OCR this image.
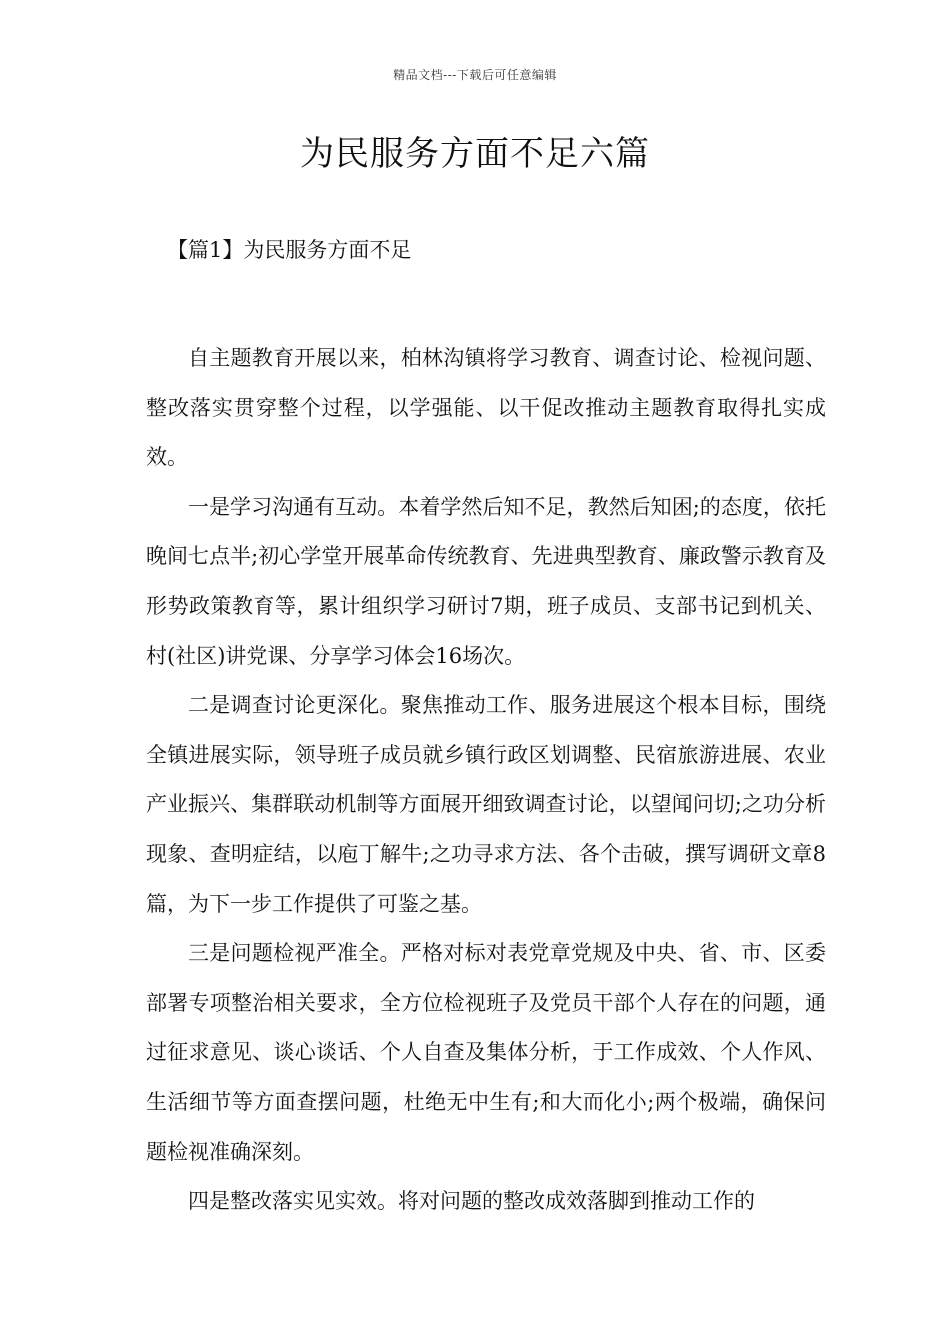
精品文档---下载后可任意编辑
为民服务方面不足六篇
【篇1】为民服务方面不足

自主题教育开展以来，柏林沟镇将学习教育、调查讨论、检视问题、整改落实贯穿整个过程，以学强能、以干促改推动主题教育取得扎实成效。

一是学习沟通有互动。本着学然后知不足，教然后知困;的态度，依托晚间七点半;初心学堂开展革命传统教育、先进典型教育、廉政警示教育及形势政策教育等，累计组织学习研讨7期，班子成员、支部书记到机关、村(社区)讲党课、分享学习体会16场次。

二是调查讨论更深化。聚焦推动工作、服务进展这个根本目标，围绕全镇进展实际，领导班子成员就乡镇行政区划调整、民宿旅游进展、农业产业振兴、集群联动机制等方面展开细致调查讨论，以望闻问切;之功分析现象、查明症结，以庖丁解牛;之功寻求方法、各个击破，撰写调研文章8篇，为下一步工作提供了可鉴之基。

三是问题检视严准全。严格对标对表党章党规及中央、省、市、区委部署专项整治相关要求，全方位检视班子及党员干部个人存在的问题，通过征求意见、谈心谈话、个人自查及集体分析，于工作成效、个人作风、生活细节等方面查摆问题，杜绝无中生有;和大而化小;两个极端，确保问题检视准确深刻。

四是整改落实见实效。将对问题的整改成效落脚到推动工作的
